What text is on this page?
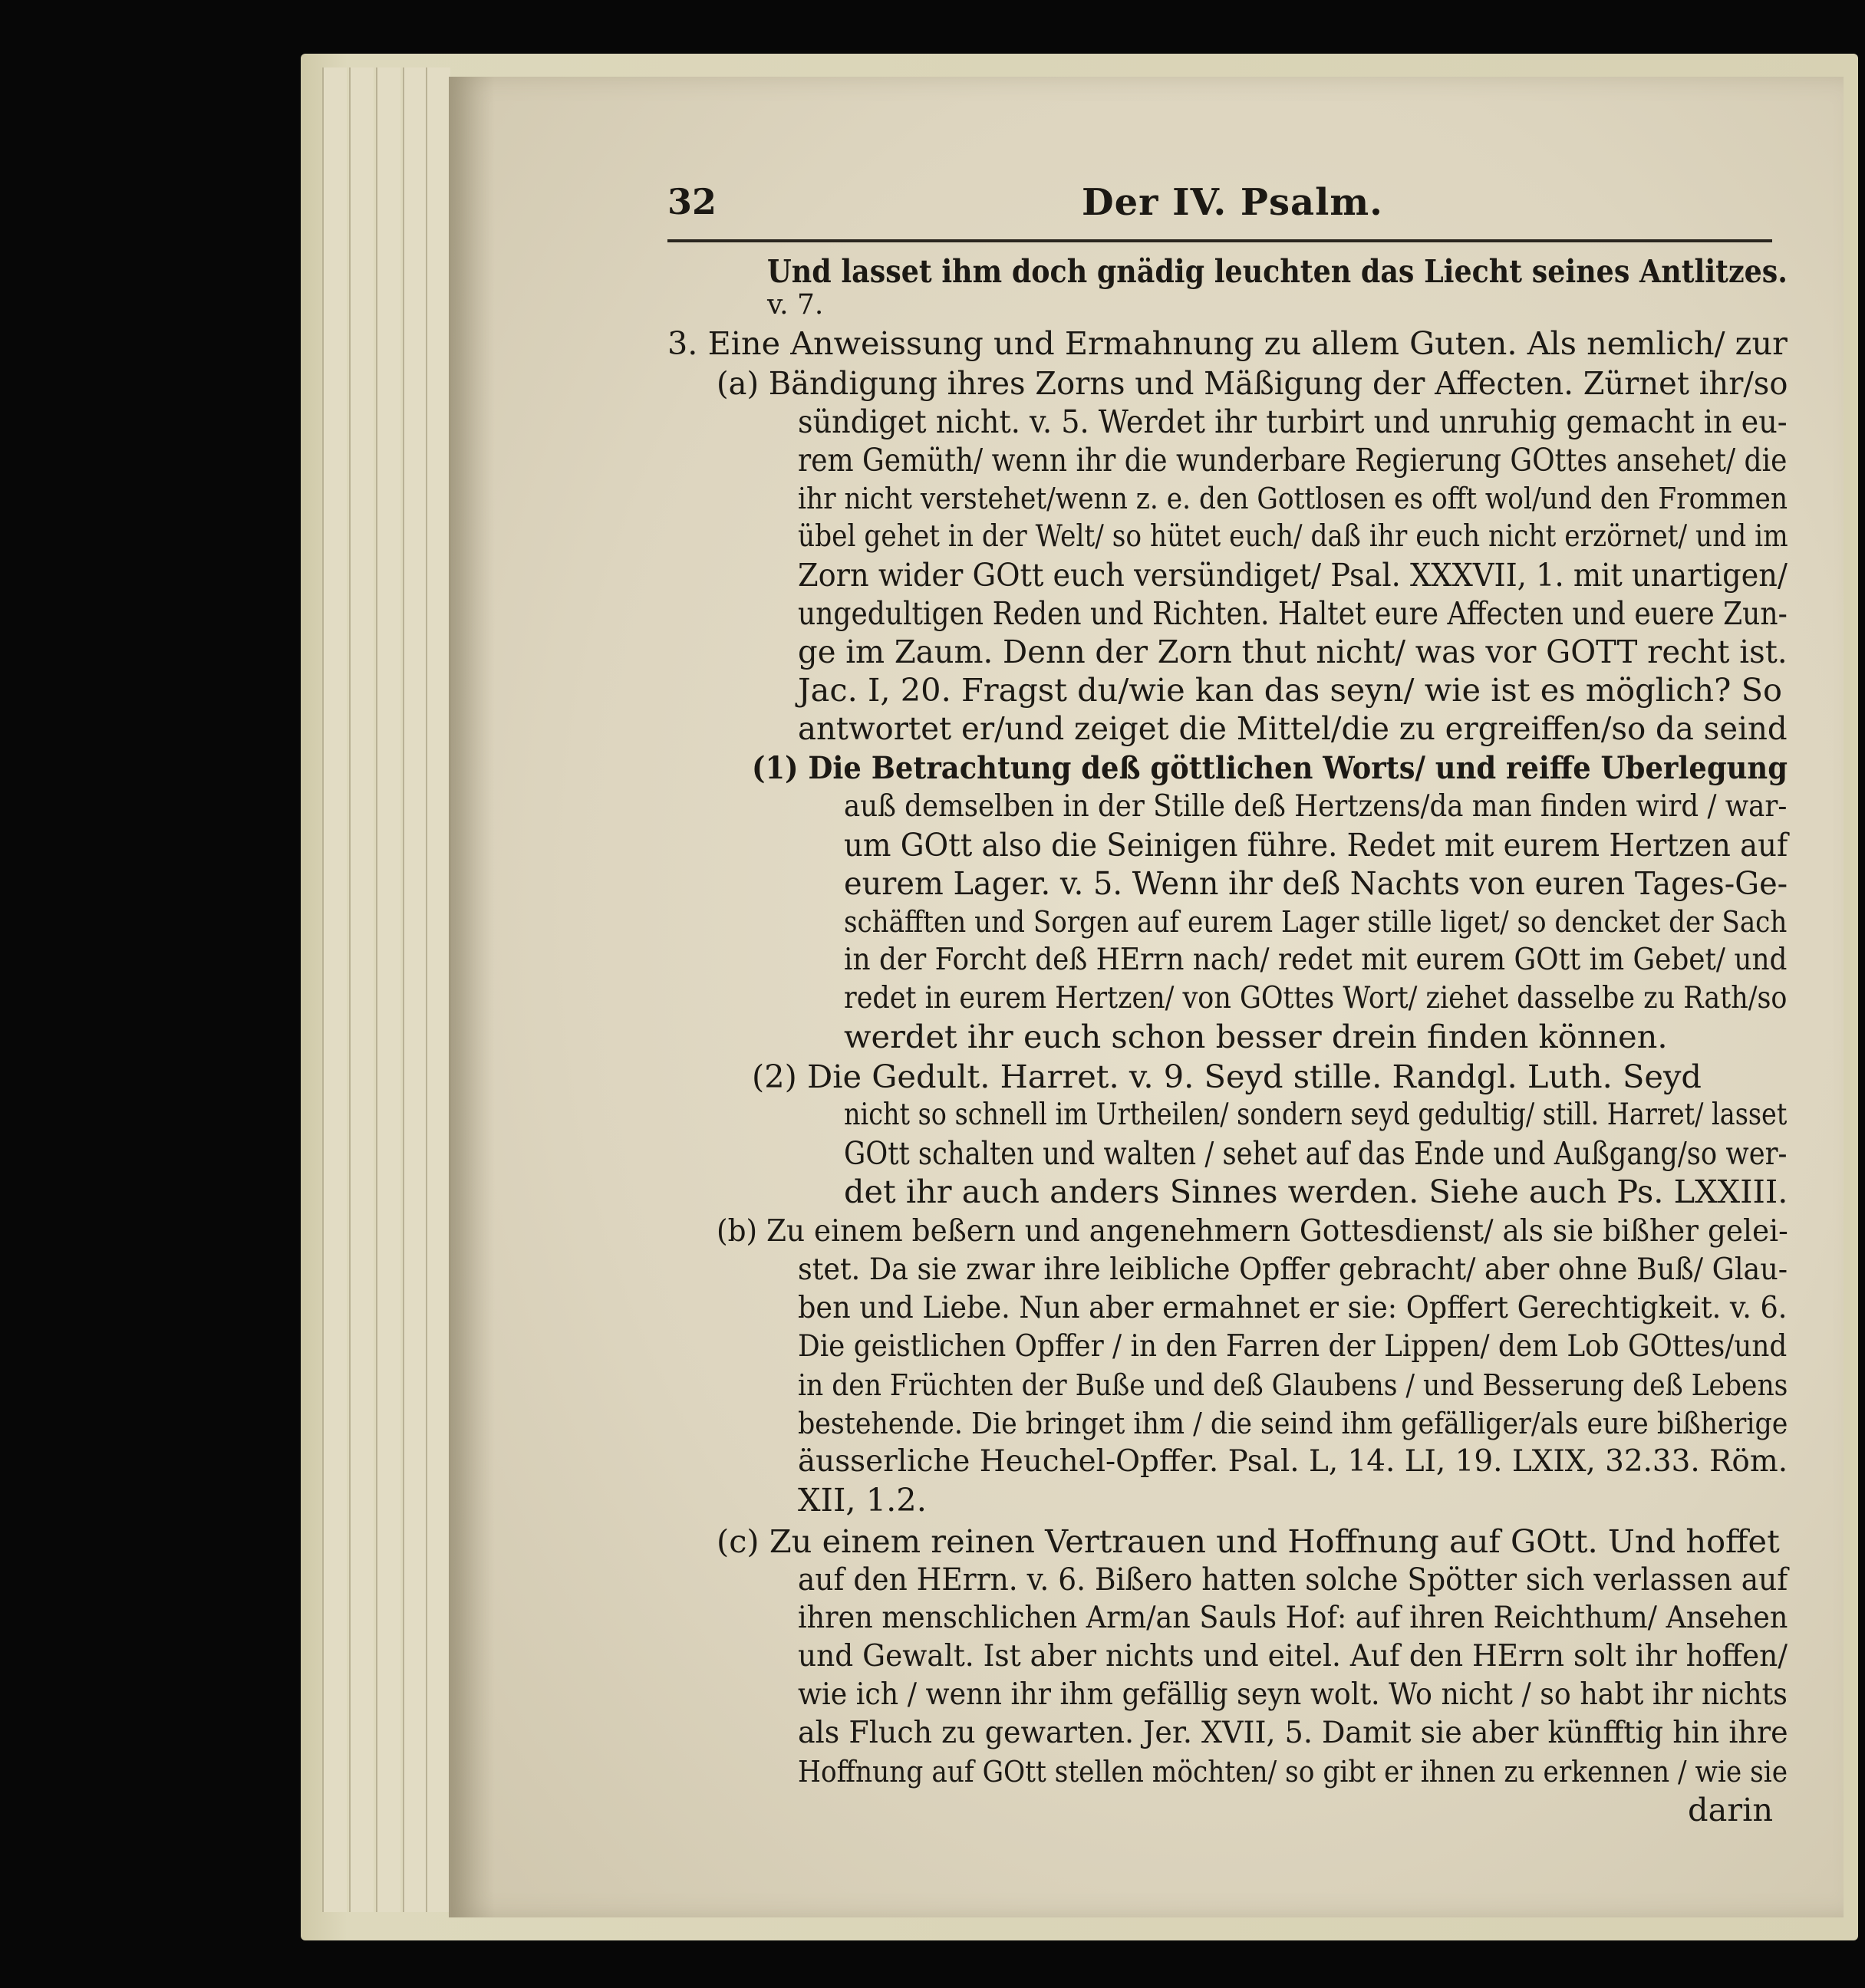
32	Der IV. Psalm.
Und lasset ihm doch gnädig leuchten das Liecht seines Antlitzes.
v. 7.
3. Eine Anweissung und Ermahnung zu allem Guten. Als nemlich/ zur
(a) Bändigung ihres Zorns und Mäßigung der Affecten. Zürnet ihr/so
sündiget nicht. v. 5. Werdet ihr turbirt und unruhig gemacht in eu-
rem Gemüth/ wenn ihr die wunderbare Regierung GOttes ansehet/ die
ihr nicht verstehet/wenn z. e. den Gottlosen es offt wol/und den Frommen
übel gehet in der Welt/ so hütet euch/ daß ihr euch nicht erzörnet/ und im
Zorn wider GOtt euch versündiget/ Psal. XXXVII, 1. mit unartigen/
ungedultigen Reden und Richten. Haltet eure Affecten und euere Zun-
ge im Zaum. Denn der Zorn thut nicht/ was vor GOTT recht ist.
Jac. I, 20. Fragst du/wie kan das seyn/ wie ist es möglich? So
antwortet er/und zeiget die Mittel/die zu ergreiffen/so da seind
(1) Die Betrachtung deß göttlichen Worts/ und reiffe Uberlegung
auß demselben in der Stille deß Hertzens/da man finden wird / war-
um GOtt also die Seinigen führe. Redet mit eurem Hertzen auf
eurem Lager. v. 5. Wenn ihr deß Nachts von euren Tages-Ge-
schäfften und Sorgen auf eurem Lager stille liget/ so dencket der Sach
in der Forcht deß HErrn nach/ redet mit eurem GOtt im Gebet/ und
redet in eurem Hertzen/ von GOttes Wort/ ziehet dasselbe zu Rath/so
werdet ihr euch schon besser drein finden können.
(2) Die Gedult. Harret. v. 9. Seyd stille. Randgl. Luth. Seyd
nicht so schnell im Urtheilen/ sondern seyd gedultig/ still. Harret/ lasset
GOtt schalten und walten / sehet auf das Ende und Außgang/so wer-
det ihr auch anders Sinnes werden. Siehe auch Ps. LXXIII.
(b) Zu einem beßern und angenehmern Gottesdienst/ als sie bißher gelei-
stet. Da sie zwar ihre leibliche Opffer gebracht/ aber ohne Buß/ Glau-
ben und Liebe. Nun aber ermahnet er sie: Opffert Gerechtigkeit. v. 6.
Die geistlichen Opffer / in den Farren der Lippen/ dem Lob GOttes/und
in den Früchten der Buße und deß Glaubens / und Besserung deß Lebens
bestehende. Die bringet ihm / die seind ihm gefälliger/als eure bißherige
äusserliche Heuchel-Opffer. Psal. L, 14. LI, 19. LXIX, 32.33. Röm.
XII, 1.2.
(c) Zu einem reinen Vertrauen und Hoffnung auf GOtt. Und hoffet
auf den HErrn. v. 6. Bißero hatten solche Spötter sich verlassen auf
ihren menschlichen Arm/an Sauls Hof: auf ihren Reichthum/ Ansehen
und Gewalt. Ist aber nichts und eitel. Auf den HErrn solt ihr hoffen/
wie ich / wenn ihr ihm gefällig seyn wolt. Wo nicht / so habt ihr nichts
als Fluch zu gewarten. Jer. XVII, 5. Damit sie aber künfftig hin ihre
Hoffnung auf GOtt stellen möchten/ so gibt er ihnen zu erkennen / wie sie
darin
